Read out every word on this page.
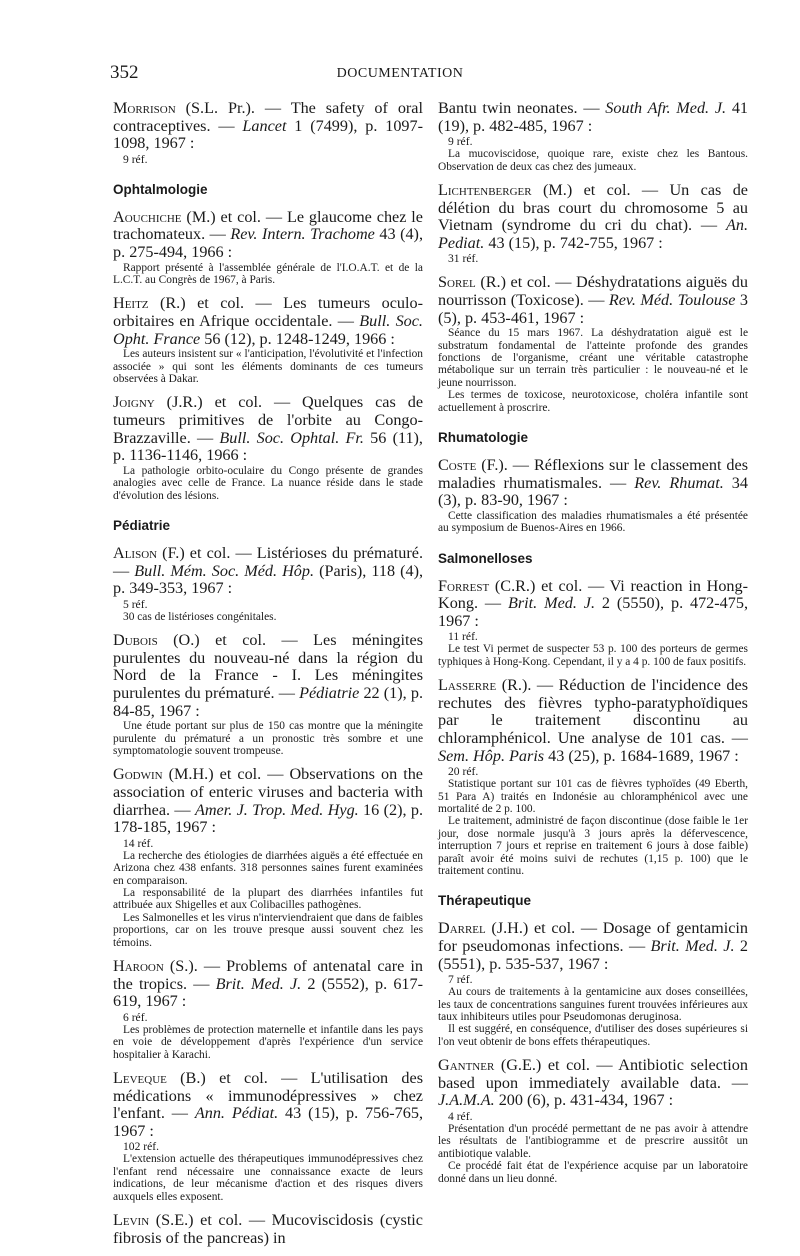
352	DOCUMENTATION
Morrison (S.L. Pr.). — The safety of oral contraceptives. — Lancet 1 (7499), p. 1097-1098, 1967 :
9 réf.
Ophtalmologie
Aouchiche (M.) et col. — Le glaucome chez le trachomateux. — Rev. Intern. Trachome 43 (4), p. 275-494, 1966 :
Rapport présenté à l'assemblée générale de l'I.O.A.T. et de la L.C.T. au Congrès de 1967, à Paris.
Heitz (R.) et col. — Les tumeurs oculo-orbitaires en Afrique occidentale. — Bull. Soc. Opht. France 56 (12), p. 1248-1249, 1966 :
Les auteurs insistent sur « l'anticipation, l'évolutivité et l'infection associée » qui sont les éléments dominants de ces tumeurs observées à Dakar.
Joigny (J.R.) et col. — Quelques cas de tumeurs primitives de l'orbite au Congo-Brazzaville. — Bull. Soc. Ophtal. Fr. 56 (11), p. 1136-1146, 1966 :
La pathologie orbito-oculaire du Congo présente de grandes analogies avec celle de France. La nuance réside dans le stade d'évolution des lésions.
Pédiatrie
Alison (F.) et col. — Listérioses du prématuré. — Bull. Mém. Soc. Méd. Hôp. (Paris), 118 (4), p. 349-353, 1967 :
5 réf.
30 cas de listérioses congénitales.
Dubois (O.) et col. — Les méningites purulentes du nouveau-né dans la région du Nord de la France - I. Les méningites purulentes du prématuré. — Pédiatrie 22 (1), p. 84-85, 1967 :
Une étude portant sur plus de 150 cas montre que la méningite purulente du prématuré a un pronostic très sombre et une symptomatologie souvent trompeuse.
Godwin (M.H.) et col. — Observations on the association of enteric viruses and bacteria with diarrhea. — Amer. J. Trop. Med. Hyg. 16 (2), p. 178-185, 1967 :
14 réf.
La recherche des étiologies de diarrhées aiguës a été effectuée en Arizona chez 438 enfants. 318 personnes saines furent examinées en comparaison.
La responsabilité de la plupart des diarrhées infantiles fut attribuée aux Shigelles et aux Colibacilles pathogènes.
Les Salmonelles et les virus n'interviendraient que dans de faibles proportions, car on les trouve presque aussi souvent chez les témoins.
Haroon (S.). — Problems of antenatal care in the tropics. — Brit. Med. J. 2 (5552), p. 617-619, 1967 :
6 réf.
Les problèmes de protection maternelle et infantile dans les pays en voie de développement d'après l'expérience d'un service hospitalier à Karachi.
Leveque (B.) et col. — L'utilisation des médications « immunodépressives » chez l'enfant. — Ann. Pédiat. 43 (15), p. 756-765, 1967 :
102 réf.
L'extension actuelle des thérapeutiques immunodépressives chez l'enfant rend nécessaire une connaissance exacte de leurs indications, de leur mécanisme d'action et des risques divers auxquels elles exposent.
Levin (S.E.) et col. — Mucoviscidosis (cystic fibrosis of the pancreas) in
Bantu twin neonates. — South Afr. Med. J. 41 (19), p. 482-485, 1967 :
9 réf.
La mucoviscidose, quoique rare, existe chez les Bantous. Observation de deux cas chez des jumeaux.
Lichtenberger (M.) et col. — Un cas de délétion du bras court du chromosome 5 au Vietnam (syndrome du cri du chat). — An. Pediat. 43 (15), p. 742-755, 1967 :
31 réf.
Sorel (R.) et col. — Déshydratations aiguës du nourrisson (Toxicose). — Rev. Méd. Toulouse 3 (5), p. 453-461, 1967 :
Séance du 15 mars 1967. La déshydratation aiguë est le substratum fondamental de l'atteinte profonde des grandes fonctions de l'organisme, créant une véritable catastrophe métabolique sur un terrain très particulier : le nouveau-né et le jeune nourrisson.
Les termes de toxicose, neurotoxicose, choléra infantile sont actuellement à proscrire.
Rhumatologie
Coste (F.). — Réflexions sur le classement des maladies rhumatismales. — Rev. Rhumat. 34 (3), p. 83-90, 1967 :
Cette classification des maladies rhumatismales a été présentée au symposium de Buenos-Aires en 1966.
Salmonelloses
Forrest (C.R.) et col. — Vi reaction in Hong-Kong. — Brit. Med. J. 2 (5550), p. 472-475, 1967 :
11 réf.
Le test Vi permet de suspecter 53 p. 100 des porteurs de germes typhiques à Hong-Kong. Cependant, il y a 4 p. 100 de faux positifs.
Lasserre (R.). — Réduction de l'incidence des rechutes des fièvres typho-paratyphoïdiques par le traitement discontinu au chloramphénicol. Une analyse de 101 cas. — Sem. Hôp. Paris 43 (25), p. 1684-1689, 1967 :
20 réf.
Statistique portant sur 101 cas de fièvres typhoïdes (49 Eberth, 51 Para A) traités en Indonésie au chloramphénicol avec une mortalité de 2 p. 100.
Le traitement, administré de façon discontinue (dose faible le 1er jour, dose normale jusqu'à 3 jours après la défervescence, interruption 7 jours et reprise en traitement 6 jours à dose faible) paraît avoir été moins suivi de rechutes (1,15 p. 100) que le traitement continu.
Thérapeutique
Darrel (J.H.) et col. — Dosage of gentamicin for pseudomonas infections. — Brit. Med. J. 2 (5551), p. 535-537, 1967 :
7 réf.
Au cours de traitements à la gentamicine aux doses conseillées, les taux de concentrations sanguines furent trouvées inférieures aux taux inhibiteurs utiles pour Pseudomonas deruginosa.
Il est suggéré, en conséquence, d'utiliser des doses supérieures si l'on veut obtenir de bons effets thérapeutiques.
Gantner (G.E.) et col. — Antibiotic selection based upon immediately available data. — J.A.M.A. 200 (6), p. 431-434, 1967 :
4 réf.
Présentation d'un procédé permettant de ne pas avoir à attendre les résultats de l'antibiogramme et de prescrire aussitôt un antibiotique valable.
Ce procédé fait état de l'expérience acquise par un laboratoire donné dans un lieu donné.
